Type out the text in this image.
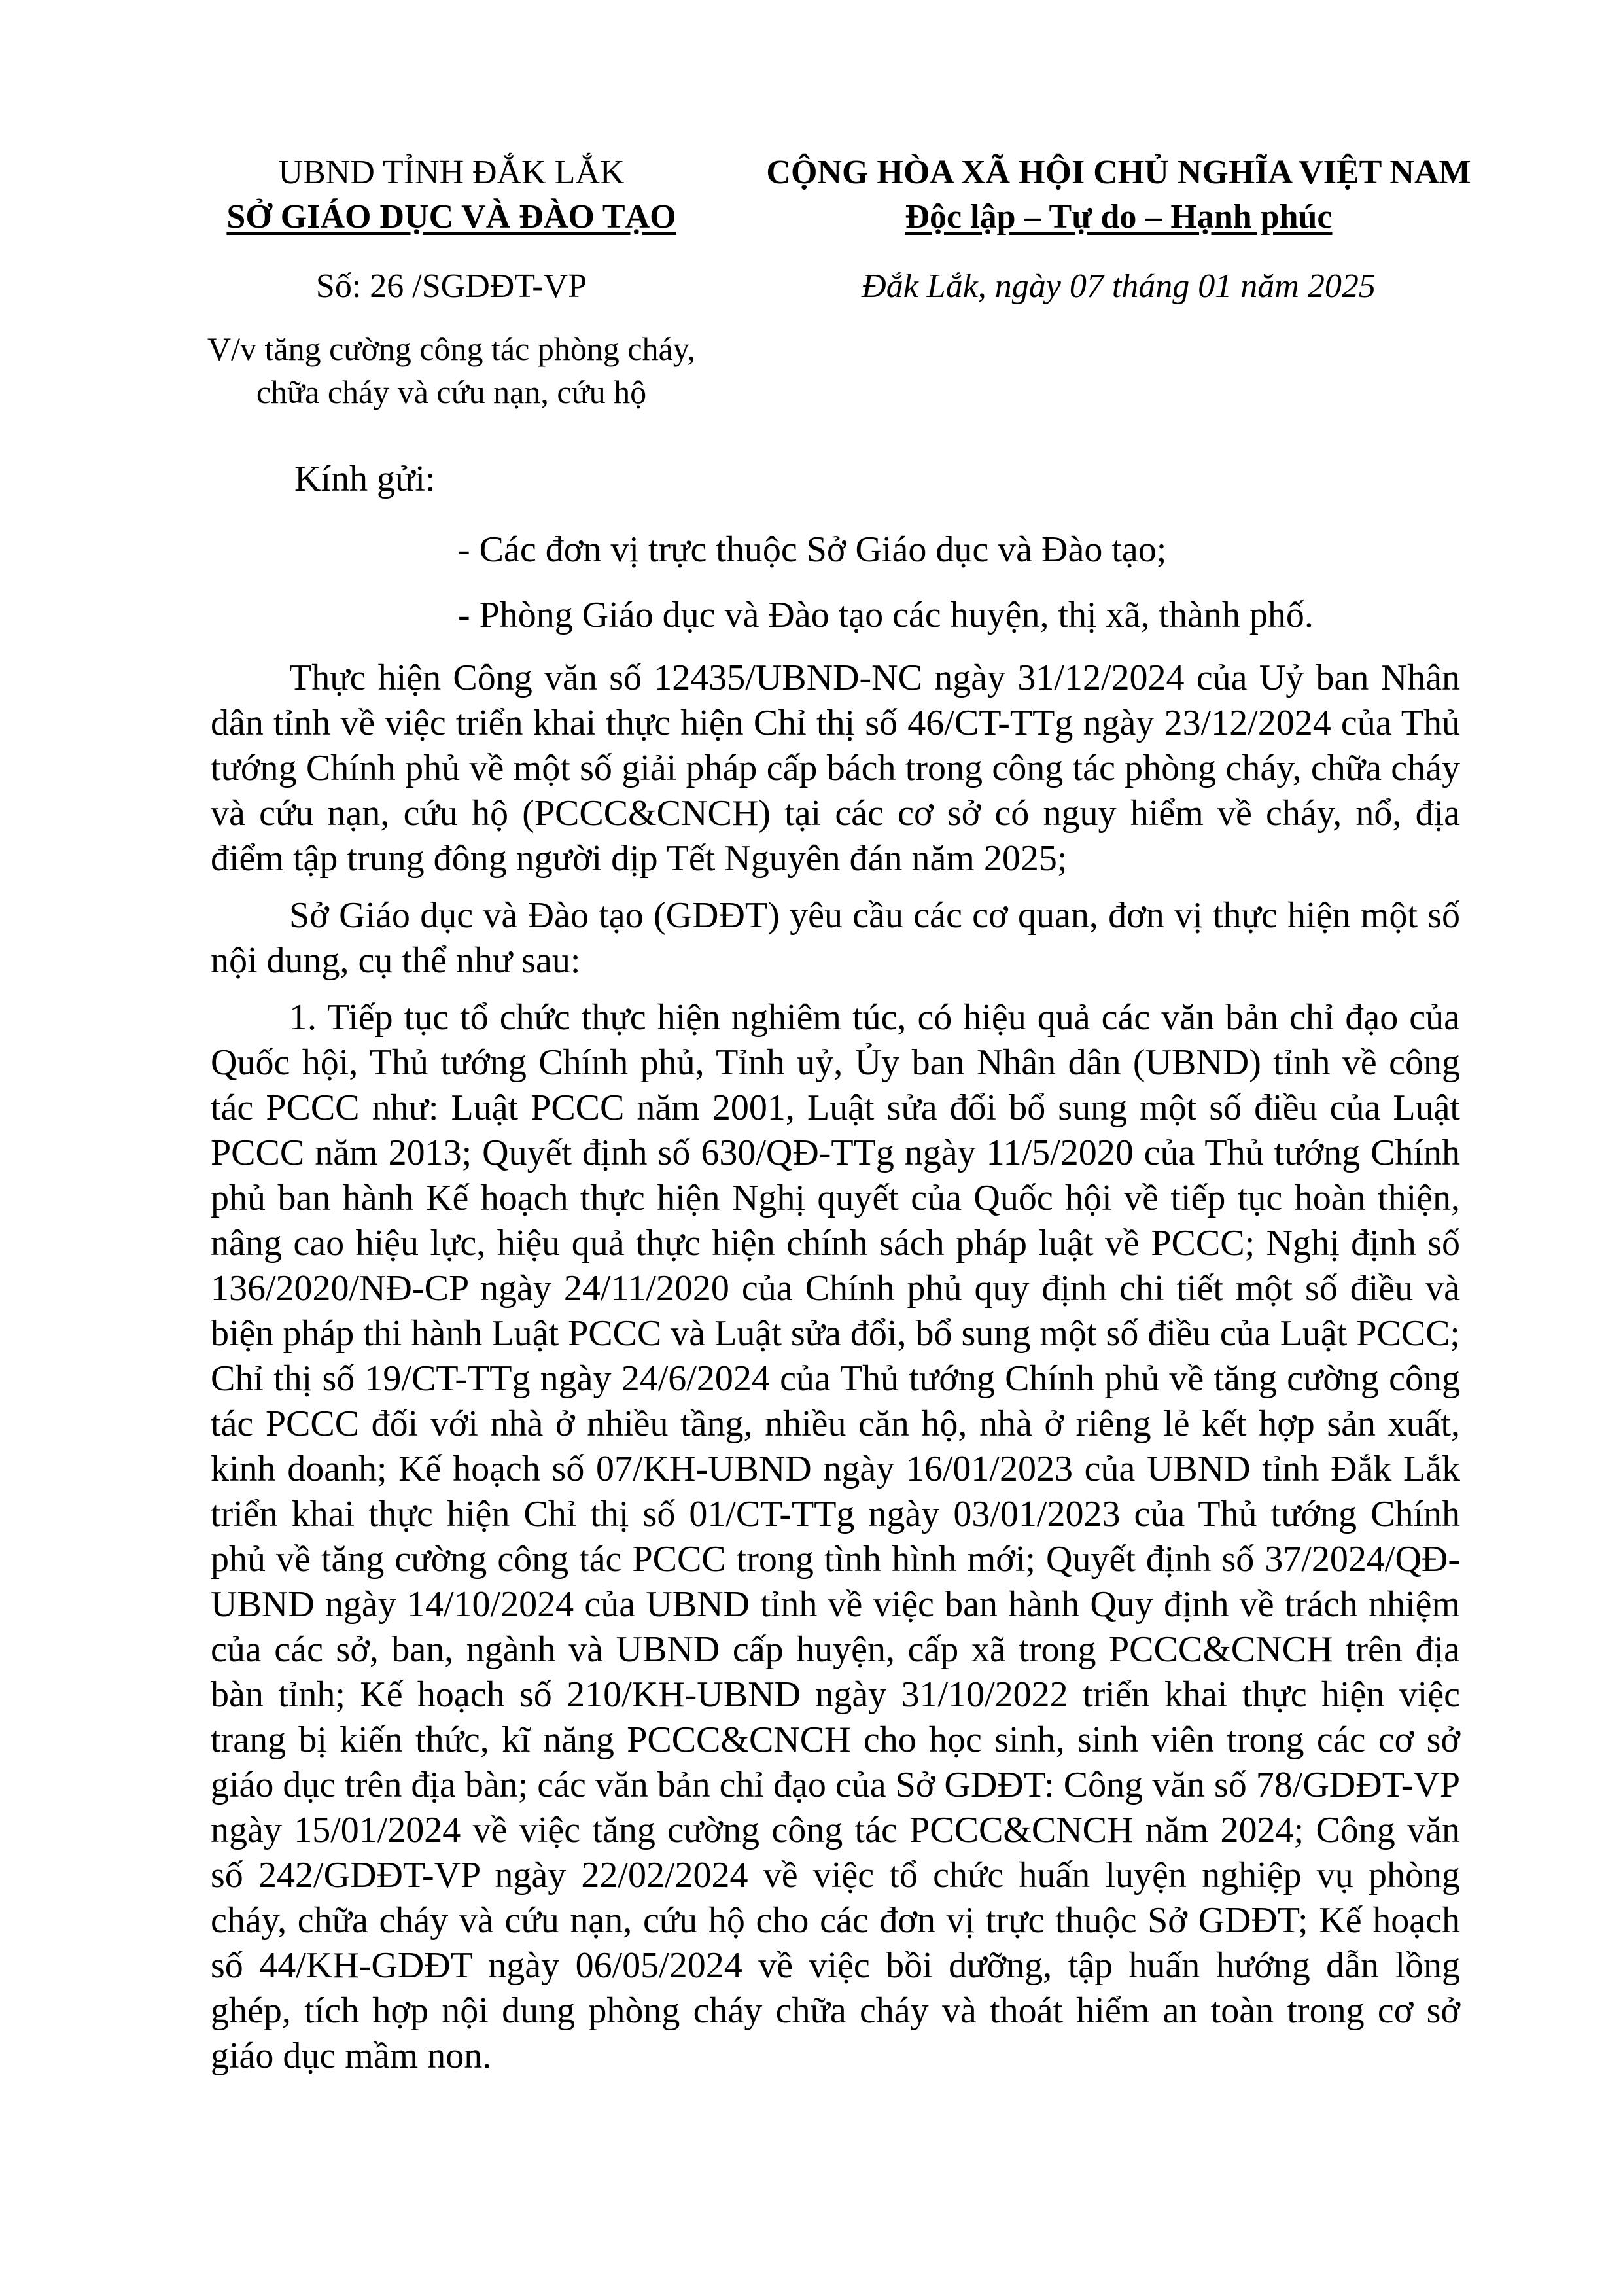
UBND TỈNH ĐẮK LẮK
SỞ GIÁO DỤC VÀ ĐÀO TẠO
CỘNG HÒA XÃ HỘI CHỦ NGHĨA VIỆT NAM
Độc lập – Tự do – Hạnh phúc
Số: 26 /SGDĐT-VP	Đắk Lắk, ngày 07 tháng 01 năm 2025
V/v tăng cường công tác phòng cháy,
chữa cháy và cứu nạn, cứu hộ
Kính gửi:
- Các đơn vị trực thuộc Sở Giáo dục và Đào tạo;
- Phòng Giáo dục và Đào tạo các huyện, thị xã, thành phố.

Thực hiện Công văn số 12435/UBND-NC ngày 31/12/2024 của Uỷ ban Nhân dân tỉnh về việc triển khai thực hiện Chỉ thị số 46/CT-TTg ngày 23/12/2024 của Thủ tướng Chính phủ về một số giải pháp cấp bách trong công tác phòng cháy, chữa cháy và cứu nạn, cứu hộ (PCCC&CNCH) tại các cơ sở có nguy hiểm về cháy, nổ, địa điểm tập trung đông người dịp Tết Nguyên đán năm 2025;

Sở Giáo dục và Đào tạo (GDĐT) yêu cầu các cơ quan, đơn vị thực hiện một số nội dung, cụ thể như sau:

1. Tiếp tục tổ chức thực hiện nghiêm túc, có hiệu quả các văn bản chỉ đạo của Quốc hội, Thủ tướng Chính phủ, Tỉnh uỷ, Ủy ban Nhân dân (UBND) tỉnh về công tác PCCC như: Luật PCCC năm 2001, Luật sửa đổi bổ sung một số điều của Luật PCCC năm 2013; Quyết định số 630/QĐ-TTg ngày 11/5/2020 của Thủ tướng Chính phủ ban hành Kế hoạch thực hiện Nghị quyết của Quốc hội về tiếp tục hoàn thiện, nâng cao hiệu lực, hiệu quả thực hiện chính sách pháp luật về PCCC; Nghị định số 136/2020/NĐ-CP ngày 24/11/2020 của Chính phủ quy định chi tiết một số điều và biện pháp thi hành Luật PCCC và Luật sửa đổi, bổ sung một số điều của Luật PCCC; Chỉ thị số 19/CT-TTg ngày 24/6/2024 của Thủ tướng Chính phủ về tăng cường công tác PCCC đối với nhà ở nhiều tầng, nhiều căn hộ, nhà ở riêng lẻ kết hợp sản xuất, kinh doanh; Kế hoạch số 07/KH-UBND ngày 16/01/2023 của UBND tỉnh Đắk Lắk triển khai thực hiện Chỉ thị số 01/CT-TTg ngày 03/01/2023 của Thủ tướng Chính phủ về tăng cường công tác PCCC trong tình hình mới; Quyết định số 37/2024/QĐ-UBND ngày 14/10/2024 của UBND tỉnh về việc ban hành Quy định về trách nhiệm của các sở, ban, ngành và UBND cấp huyện, cấp xã trong PCCC&CNCH trên địa bàn tỉnh; Kế hoạch số 210/KH-UBND ngày 31/10/2022 triển khai thực hiện việc trang bị kiến thức, kĩ năng PCCC&CNCH cho học sinh, sinh viên trong các cơ sở giáo dục trên địa bàn; các văn bản chỉ đạo của Sở GDĐT: Công văn số 78/GDĐT-VP ngày 15/01/2024 về việc tăng cường công tác PCCC&CNCH năm 2024; Công văn số 242/GDĐT-VP ngày 22/02/2024 về việc tổ chức huấn luyện nghiệp vụ phòng cháy, chữa cháy và cứu nạn, cứu hộ cho các đơn vị trực thuộc Sở GDĐT; Kế hoạch số 44/KH-GDĐT ngày 06/05/2024 về việc bồi dưỡng, tập huấn hướng dẫn lồng ghép, tích hợp nội dung phòng cháy chữa cháy và thoát hiểm an toàn trong cơ sở giáo dục mầm non.
